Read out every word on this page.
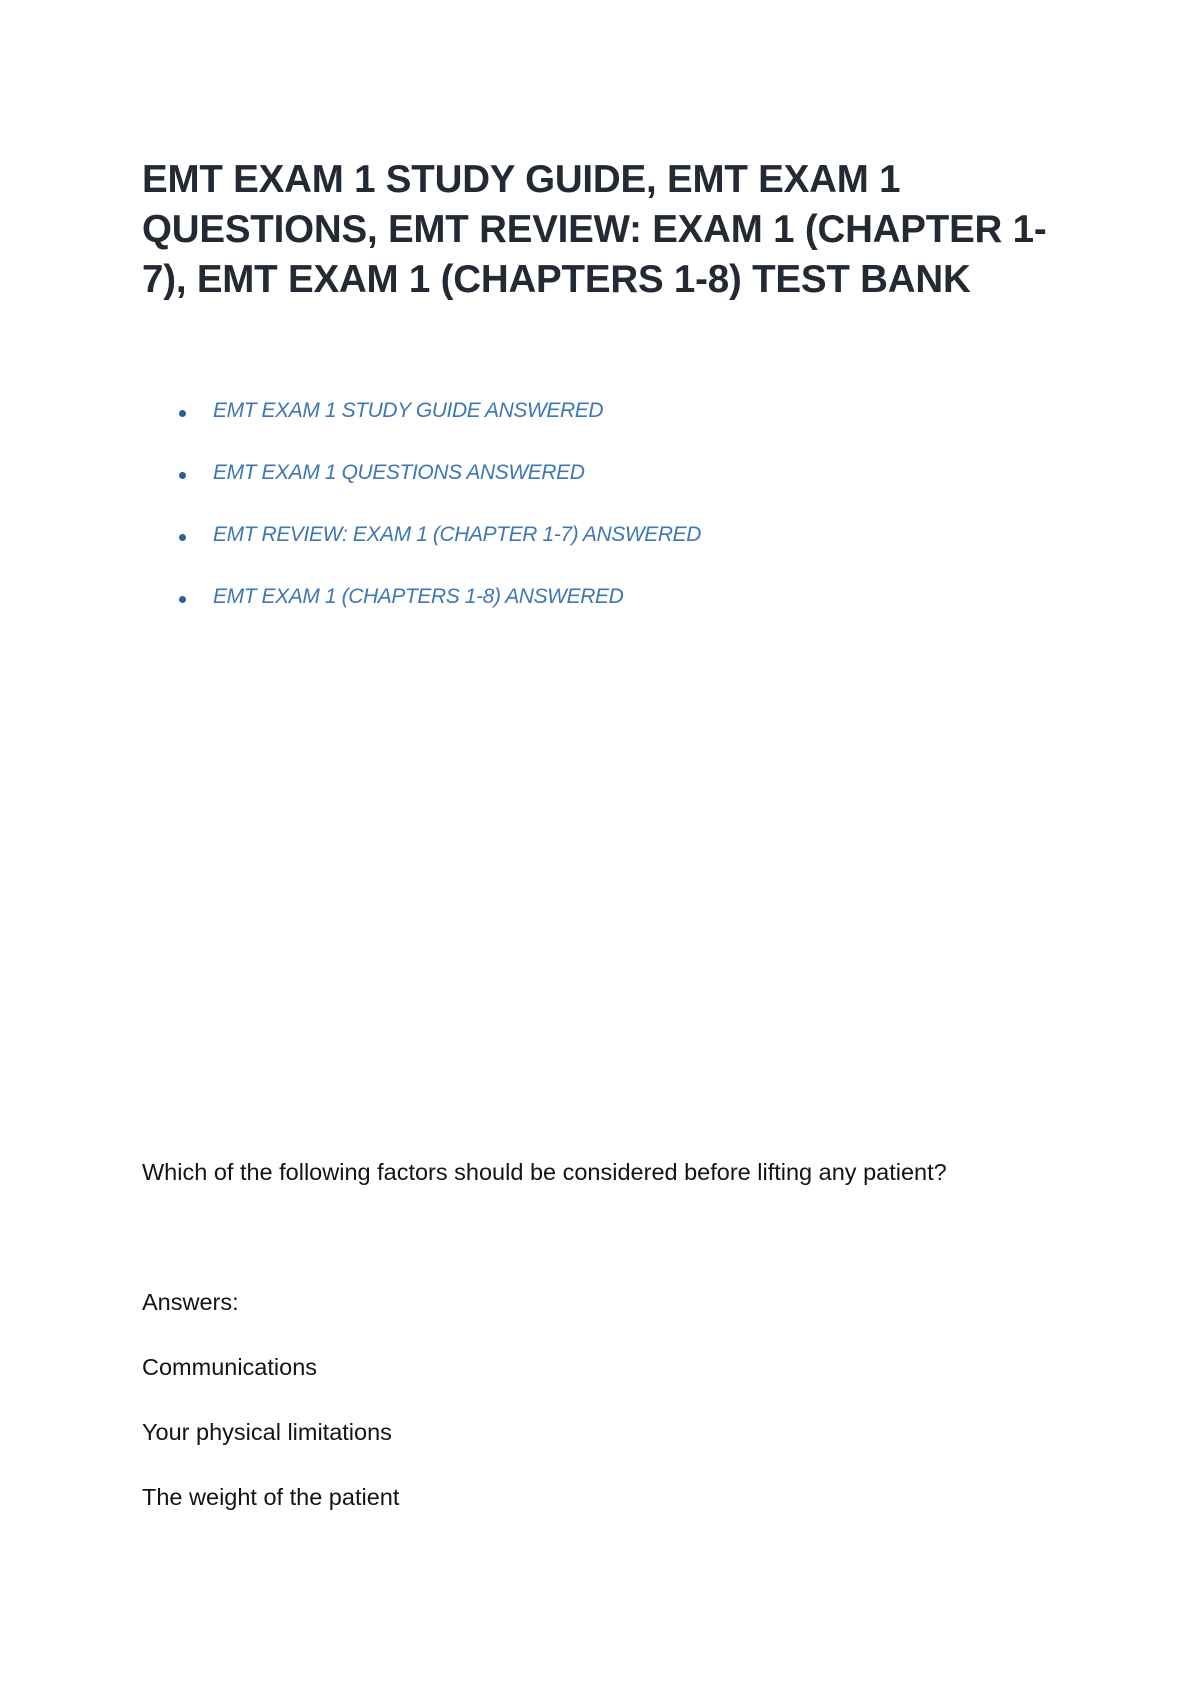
EMT EXAM 1 STUDY GUIDE, EMT EXAM 1 QUESTIONS, EMT REVIEW: EXAM 1 (CHAPTER 1-7), EMT EXAM 1 (CHAPTERS 1-8) TEST BANK
EMT EXAM 1 STUDY GUIDE ANSWERED
EMT EXAM 1 QUESTIONS ANSWERED
EMT REVIEW: EXAM 1 (CHAPTER 1-7) ANSWERED
EMT EXAM 1 (CHAPTERS 1-8) ANSWERED

Which of the following factors should be considered before lifting any patient?

Answers:

Communications
Your physical limitations
The weight of the patient
